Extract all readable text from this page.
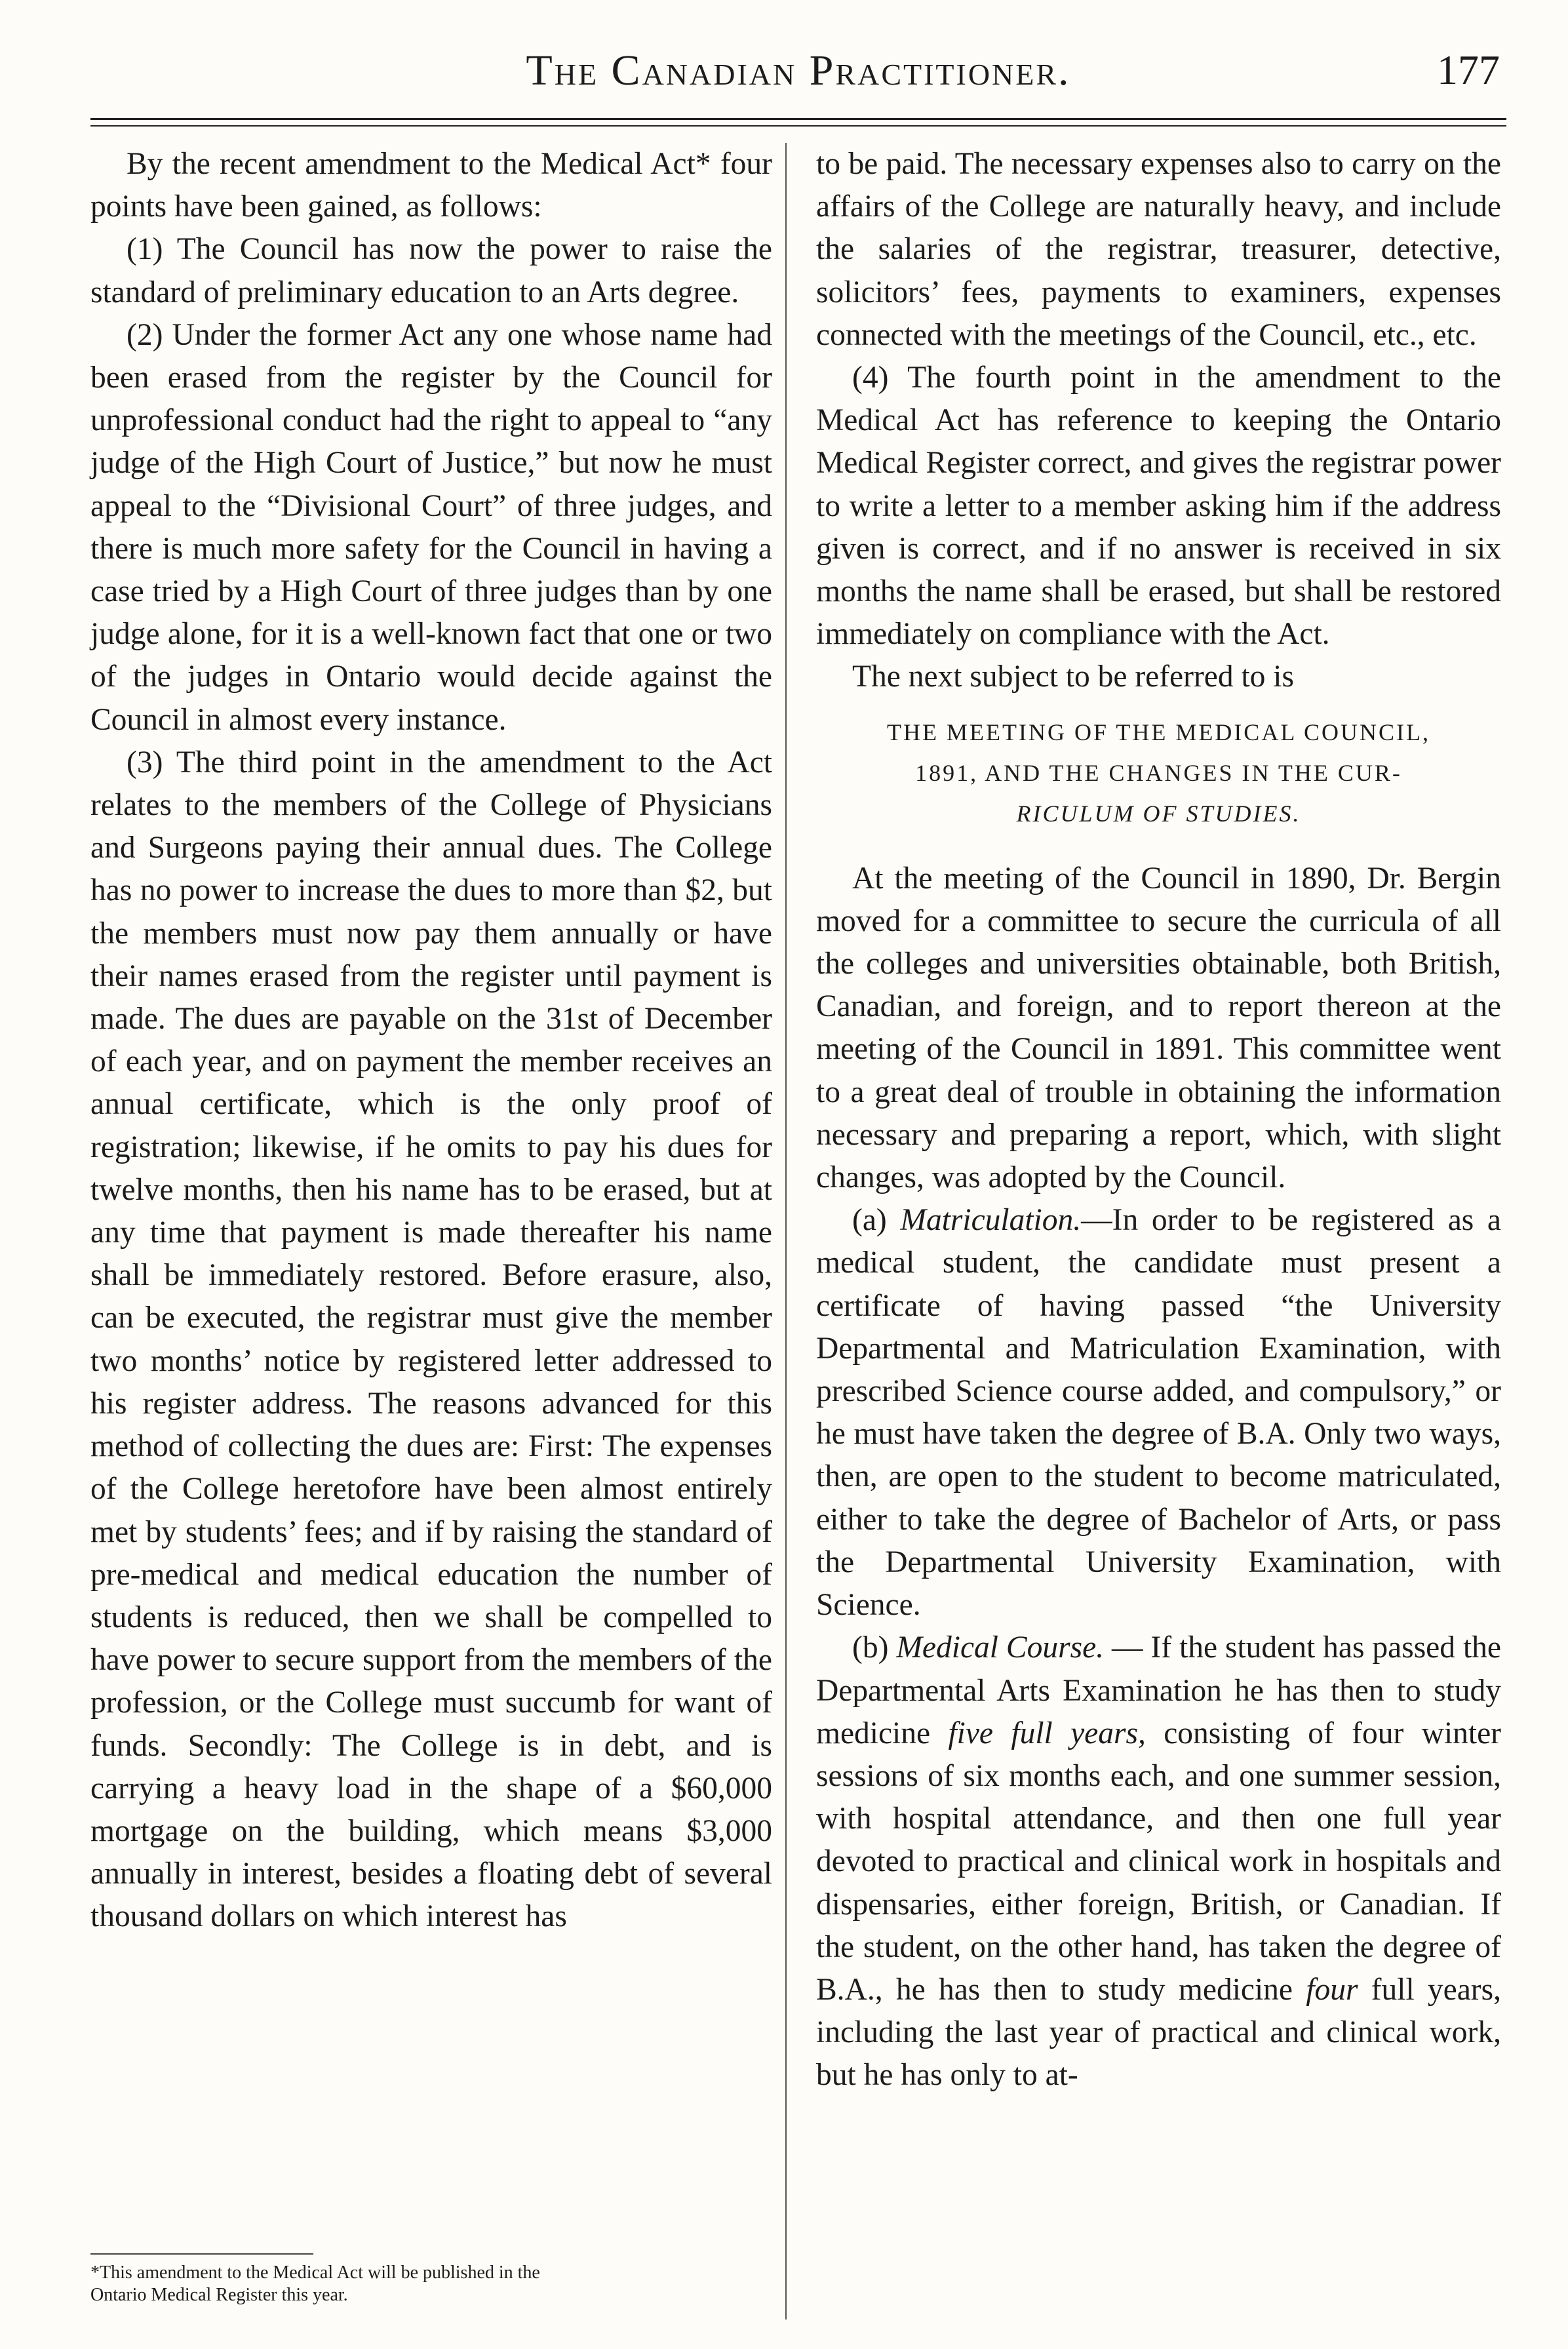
The Canadian Practitioner.	177

By the recent amendment to the Medical Act* four points have been gained, as follows:

(1) The Council has now the power to raise the standard of preliminary education to an Arts degree.

(2) Under the former Act any one whose name had been erased from the register by the Council for unprofessional conduct had the right to appeal to “any judge of the High Court of Justice,” but now he must appeal to the “Divisional Court” of three judges, and there is much more safety for the Council in having a case tried by a High Court of three judges than by one judge alone, for it is a well-known fact that one or two of the judges in Ontario would decide against the Council in almost every instance.

(3) The third point in the amendment to the Act relates to the members of the College of Physicians and Surgeons paying their annual dues. The College has no power to increase the dues to more than $2, but the members must now pay them annually or have their names erased from the register until payment is made. The dues are payable on the 31st of December of each year, and on payment the member receives an annual certificate, which is the only proof of registration; likewise, if he omits to pay his dues for twelve months, then his name has to be erased, but at any time that payment is made thereafter his name shall be immediately restored. Before erasure, also, can be executed, the registrar must give the member two months’ notice by registered letter addressed to his register address. The reasons advanced for this method of collecting the dues are: First: The expenses of the College heretofore have been almost entirely met by students’ fees; and if by raising the standard of pre-medical and medical education the number of students is reduced, then we shall be compelled to have power to secure support from the members of the profession, or the College must succumb for want of funds. Secondly: The College is in debt, and is carrying a heavy load in the shape of a $60,000 mortgage on the building, which means $3,000 annually in interest, besides a floating debt of several thousand dollars on which interest has

to be paid. The necessary expenses also to carry on the affairs of the College are naturally heavy, and include the salaries of the registrar, treasurer, detective, solicitors’ fees, payments to examiners, expenses connected with the meetings of the Council, etc., etc.

(4) The fourth point in the amendment to the Medical Act has reference to keeping the Ontario Medical Register correct, and gives the registrar power to write a letter to a member asking him if the address given is correct, and if no answer is received in six months the name shall be erased, but shall be restored immediately on compliance with the Act.

The next subject to be referred to is

THE MEETING OF THE MEDICAL COUNCIL,
1891, AND THE CHANGES IN THE CUR-
RICULUM OF STUDIES.

At the meeting of the Council in 1890, Dr. Bergin moved for a committee to secure the curricula of all the colleges and universities obtainable, both British, Canadian, and foreign, and to report thereon at the meeting of the Council in 1891. This committee went to a great deal of trouble in obtaining the information necessary and preparing a report, which, with slight changes, was adopted by the Council.

(a) Matriculation.—In order to be registered as a medical student, the candidate must present a certificate of having passed “the University Departmental and Matriculation Examination, with prescribed Science course added, and compulsory,” or he must have taken the degree of B.A. Only two ways, then, are open to the student to become matriculated, either to take the degree of Bachelor of Arts, or pass the Departmental University Examination, with Science.

(b) Medical Course. — If the student has passed the Departmental Arts Examination he has then to study medicine five full years, consisting of four winter sessions of six months each, and one summer session, with hospital attendance, and then one full year devoted to practical and clinical work in hospitals and dispensaries, either foreign, British, or Canadian. If the student, on the other hand, has taken the degree of B.A., he has then to study medicine four full years, including the last year of practical and clinical work, but he has only to at-

*This amendment to the Medical Act will be published in the
Ontario Medical Register this year.
